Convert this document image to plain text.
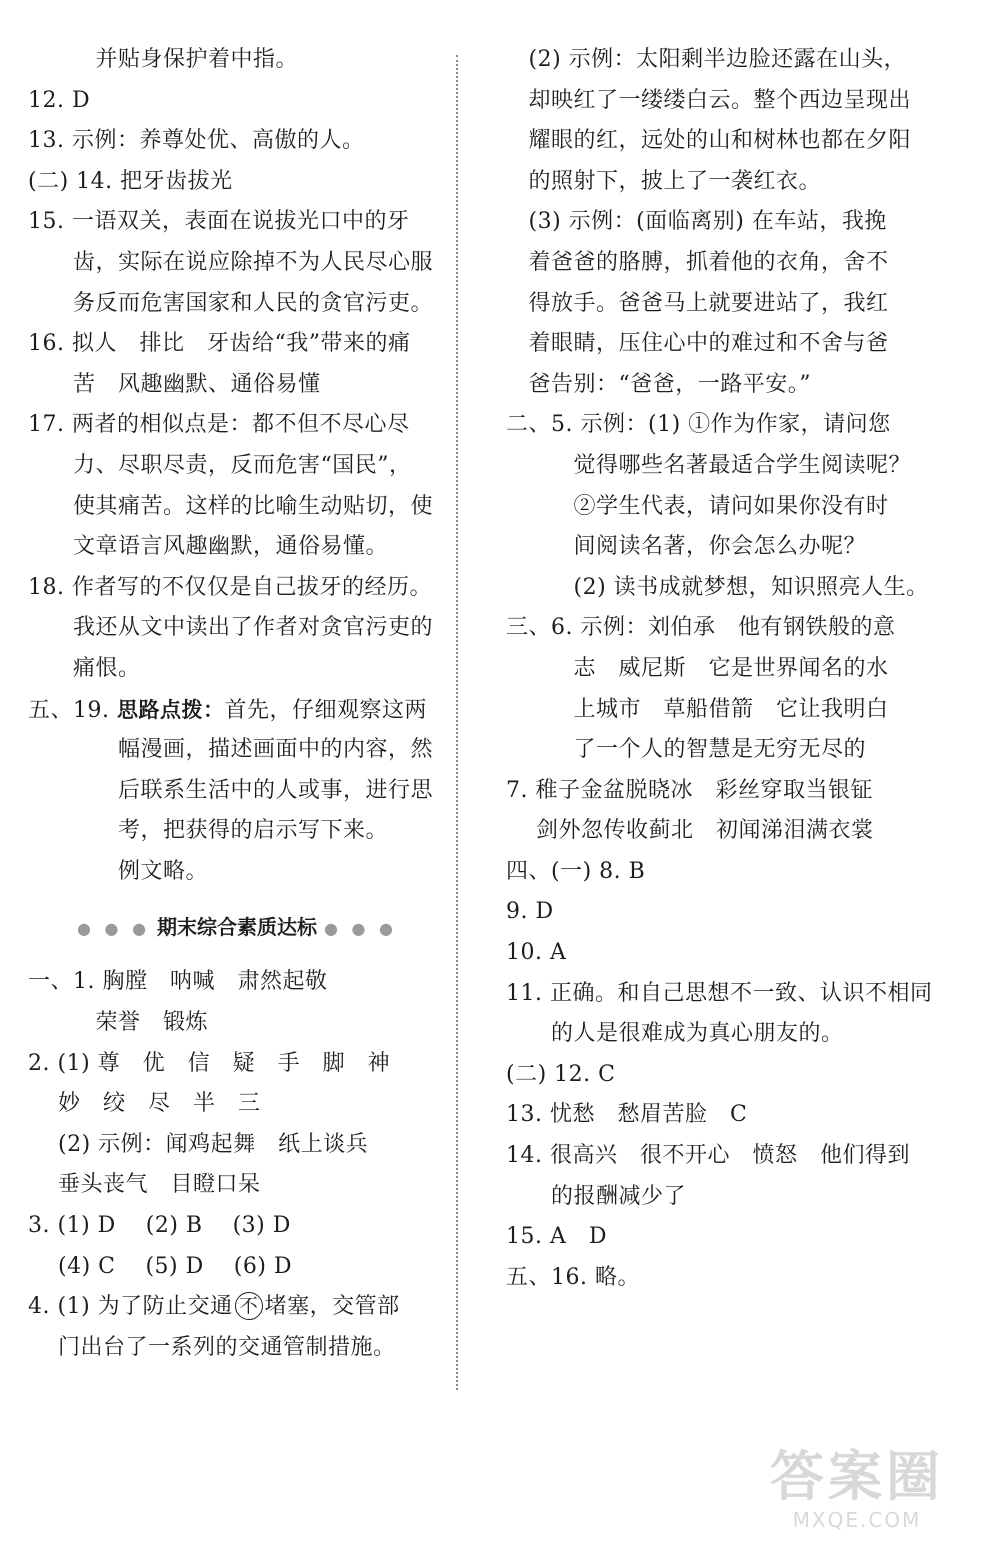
　　　并贴身保护着中指。
12. D
13. 示例：养尊处优、高傲的人。
(二) 14. 把牙齿拔光
15. 一语双关，表面在说拔光口中的牙
　　齿，实际在说应除掉不为人民尽心服
　　务反而危害国家和人民的贪官污吏。
16. 拟人　排比　牙齿给“我”带来的痛
　　苦　风趣幽默、通俗易懂
17. 两者的相似点是：都不但不尽心尽
　　力、尽职尽责，反而危害“国民”，
　　使其痛苦。这样的比喻生动贴切，使
　　文章语言风趣幽默，通俗易懂。
18. 作者写的不仅仅是自己拔牙的经历。
　　我还从文中读出了作者对贪官污吏的
　　痛恨。
五、19. 思路点拨：首先，仔细观察这两
　　　　幅漫画，描述画面中的内容，然
　　　　后联系生活中的人或事，进行思
　　　　考，把获得的启示写下来。
　　　　例文略。
● ● ● 期末综合素质达标 ● ● ●
一、1. 胸膛　呐喊　肃然起敬
　　　荣誉　锻炼
2. (1) 尊　优　信　疑　手　脚　神
　 妙　绞　尽　半　三
　 (2) 示例：闻鸡起舞　纸上谈兵
　 垂头丧气　目瞪口呆
3. (1) D　 (2) B　 (3) D
　 (4) C　 (5) D　 (6) D
4. (1) 为了防止交通 不 堵塞，交管部
　 门出台了一系列的交通管制措施。
　(2) 示例：太阳剩半边脸还露在山头，
　却映红了一缕缕白云。整个西边呈现出
　耀眼的红，远处的山和树林也都在夕阳
　的照射下，披上了一袭红衣。
　(3) 示例：(面临离别) 在车站，我挽
　着爸爸的胳膊，抓着他的衣角，舍不
　得放手。爸爸马上就要进站了，我红
　着眼睛，压住心中的难过和不舍与爸
　爸告别：“爸爸，一路平安。”
二、5. 示例：(1) ①作为作家，请问您
　　　觉得哪些名著最适合学生阅读呢？
　　　②学生代表，请问如果你没有时
　　　间阅读名著，你会怎么办呢？
　　　(2) 读书成就梦想，知识照亮人生。
三、6. 示例：刘伯承　他有钢铁般的意
　　　志　威尼斯　它是世界闻名的水
　　　上城市　草船借箭　它让我明白
　　　了一个人的智慧是无穷无尽的
7. 稚子金盆脱晓冰　彩丝穿取当银钲
　 剑外忽传收蓟北　初闻涕泪满衣裳
四、(一) 8. B
9. D
10. A
11. 正确。和自己思想不一致、认识不相同
　　的人是很难成为真心朋友的。
(二) 12. C
13. 忧愁　愁眉苦脸　C
14. 很高兴　很不开心　愤怒　他们得到
　　的报酬减少了
15. A　D
五、16. 略。
答案圈
MXQE.COM
